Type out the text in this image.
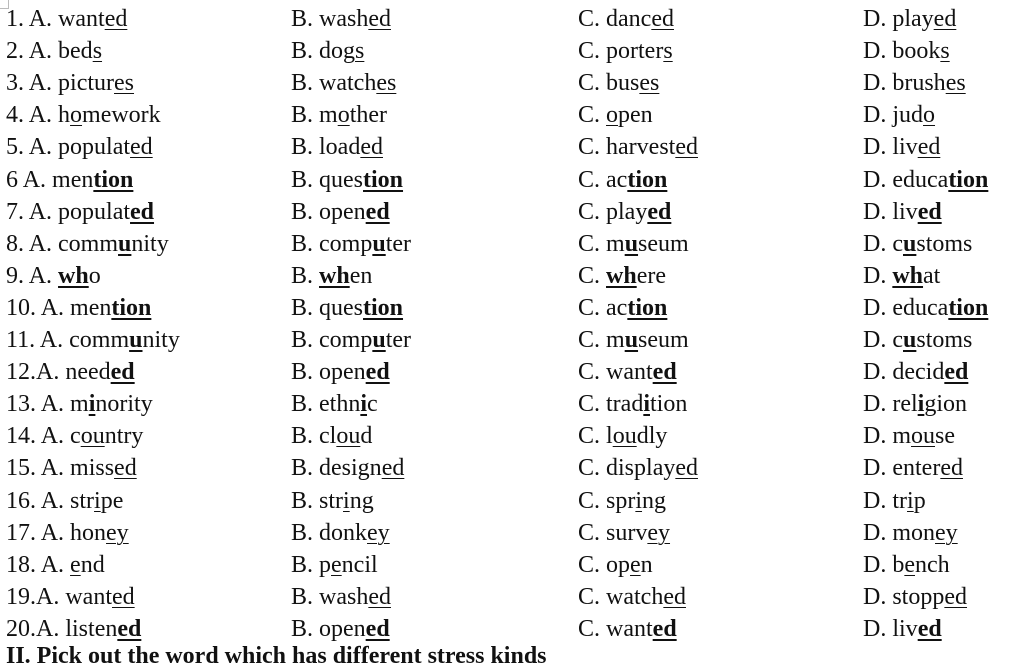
1. A. wanted	B. washed	C. danced	D. played
2. A. beds	B. dogs	C. porters	D. books
3. A. pictures	B. watches	C. buses	D. brushes
4. A. homework	B. mother	C. open	D. judo
5. A. populated	B. loaded	C. harvested	D. lived
6 A. mention	B. question	C. action	D. education
7. A. populated	B. opened	C. played	D. lived
8. A. community	B. computer	C. museum	D. customs
9. A. who	B. when	C. where	D. what
10. A. mention	B. question	C. action	D. education
11. A. community	B. computer	C. museum	D. customs
12.A. needed	B. opened	C. wanted	D. decided
13. A. minority	B. ethnic	C. tradition	D. religion
14. A. country	B. cloud	C. loudly	D. mouse
15. A. missed	B. designed	C. displayed	D. entered
16. A. stripe	B. string	C. spring	D. trip
17. A. honey	B. donkey	C. survey	D. money
18. A. end	B. pencil	C. open	D. bench
19.A. wanted	B. washed	C. watched	D. stopped
20.A. listened	B. opened	C. wanted	D. lived
II. Pick out the word which has different stress kinds
